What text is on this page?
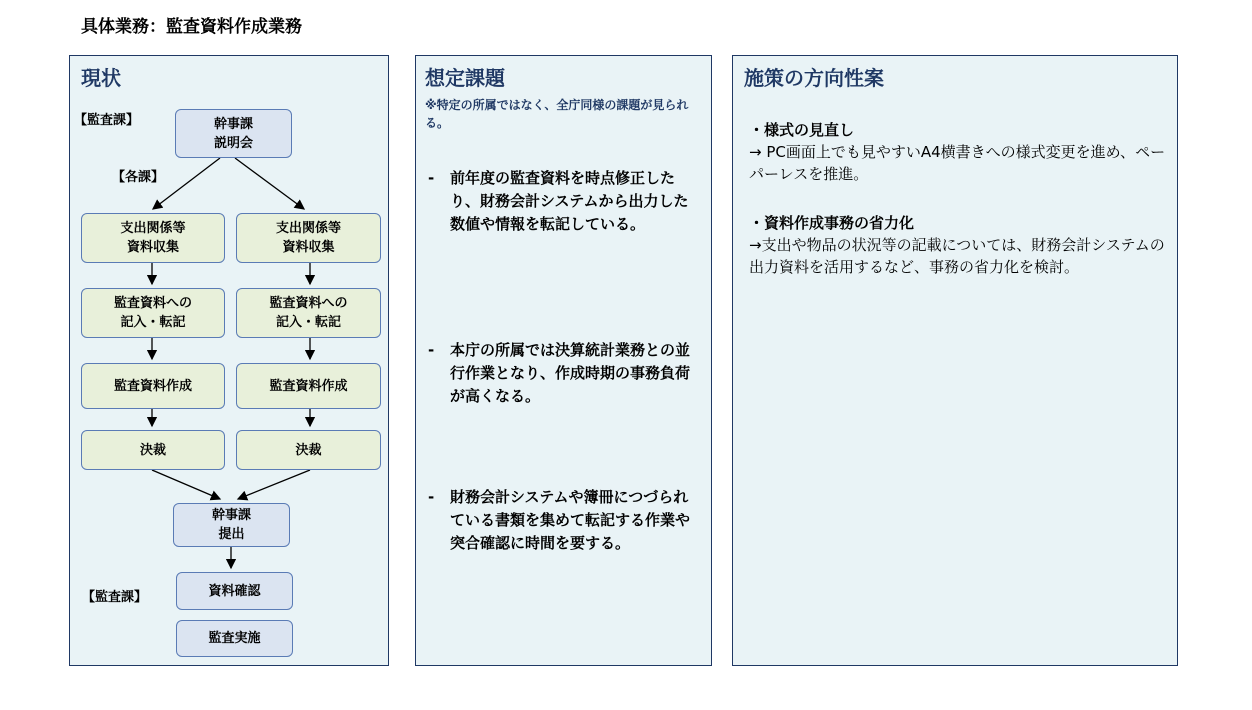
具体業務：監査資料作成業務
現状
【監査課】	幹事課
説明会
【各課】
支出関係等
資料収集
支出関係等
資料収集
監査資料への
記入・転記
監査資料への
記入・転記
監査資料作成	監査資料作成
決裁	決裁
幹事課
提出
【監査課】	資料確認
監査実施
想定課題
※特定の所属ではなく、全庁同様の課題が見られる。
- 前年度の監査資料を時点修正したり、財務会計システムから出力した数値や情報を転記している。
- 本庁の所属では決算統計業務との並行作業となり、作成時期の事務負荷が高くなる。
- 財務会計システムや簿冊につづられている書類を集めて転記する作業や突合確認に時間を要する。
施策の方向性案
・様式の見直し
→ PC画面上でも見やすいA4横書きへの様式変更を進め、ペーパーレスを推進。
・資料作成事務の省力化
→支出や物品の状況等の記載については、財務会計システムの出力資料を活用するなど、事務の省力化を検討。
